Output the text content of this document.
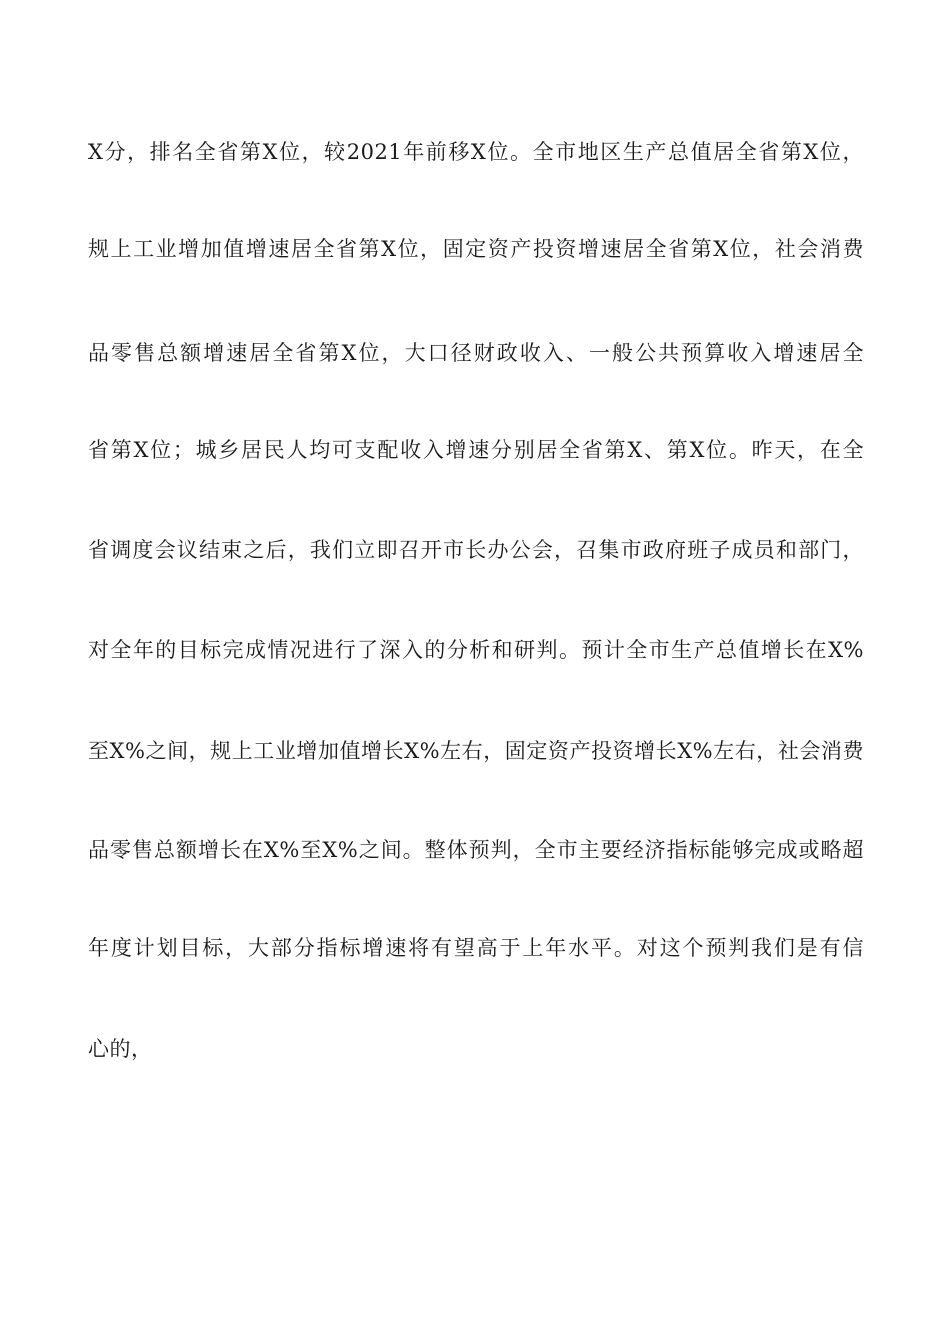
X分，排名全省第X位，较2021年前移X位。全市地区生产总值居全省第X位，
规上工业增加值增速居全省第X位，固定资产投资增速居全省第X位，社会消费
品零售总额增速居全省第X位，大口径财政收入、一般公共预算收入增速居全
省第X位；城乡居民人均可支配收入增速分别居全省第X、第X位。昨天，在全
省调度会议结束之后，我们立即召开市长办公会，召集市政府班子成员和部门，
对全年的目标完成情况进行了深入的分析和研判。预计全市生产总值增长在X%
至X%之间，规上工业增加值增长X%左右，固定资产投资增长X%左右，社会消费
品零售总额增长在X%至X%之间。整体预判，全市主要经济指标能够完成或略超
年度计划目标，大部分指标增速将有望高于上年水平。对这个预判我们是有信
心的，
